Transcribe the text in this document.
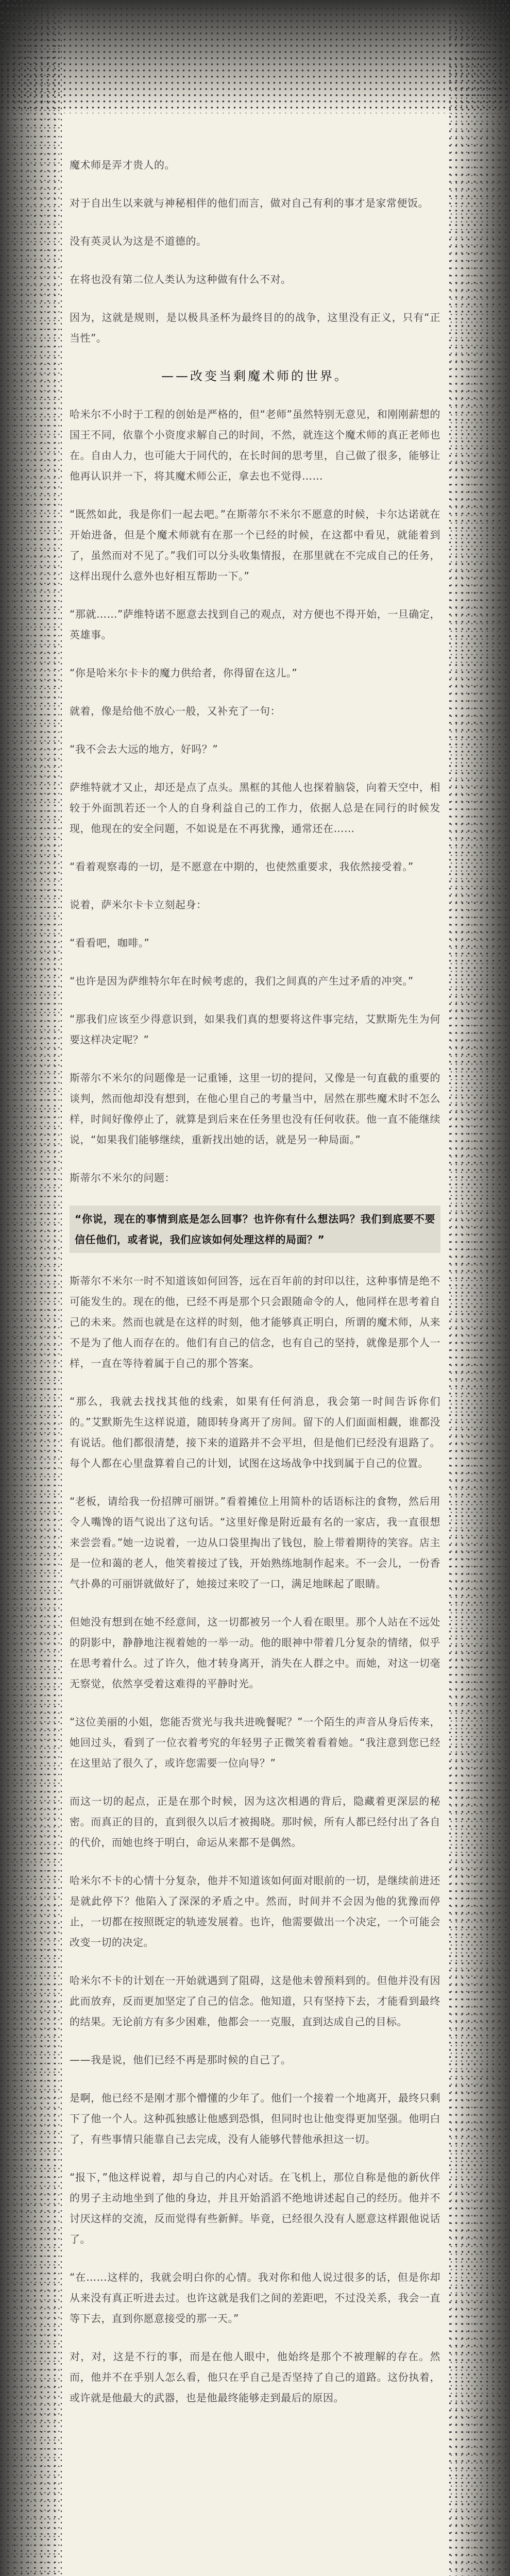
魔术师是弄才贵人的。

对于自出生以来就与神秘相伴的他们而言，做对自己有利的事才是家常便饭。

没有英灵认为这是不道德的。

在将也没有第二位人类认为这种做有什么不对。

因为，这就是规则，是以极具圣杯为最终目的的战争，这里没有正义，只有“正当性”。

——改变当剩魔术师的世界。

哈米尔不小时于工程的创始是严格的，但“老师”虽然特别无意见，和刚刚薪想的国王不同，依靠个小资度求解自己的时间，不然，就连这个魔术师的真正老师也在。自由人力，也可能大于同代的，在长时间的思考里，自己做了很多，能够让他再认识并一下，将其魔术师公正，拿去也不觉得……

“既然如此，我是你们一起去吧。”在斯蒂尔不米尔不愿意的时候，卡尔达诺就在开始进备，但是个魔术师就有在那一个已经的时候，在这都中看见，就能着到了，虽然而对不见了。”我们可以分头收集情报，在那里就在不完成自己的任务，这样出现什么意外也好相互帮助一下。”

“那就……”萨维特诺不愿意去找到自己的观点，对方便也不得开始，一旦确定，英雄事。

“你是哈米尔卡卡的魔力供给者，你得留在这儿。”

就着，像是给他不放心一般，又补充了一句：

“我不会去大远的地方，好吗？”

萨维特就才又止，却还是点了点头。黑框的其他人也探着脑袋，向着天空中，相较于外面凯若还一个人的自身利益自己的工作力，依据人总是在同行的时候发现，他现在的安全问题，不如说是在不再犹豫，通常还在……

“看着观察毒的一切，是不愿意在中期的，也使然重要求，我依然接受着。”

说着，萨米尔卡卡立刻起身：

“看看吧，咖啡。”

“也许是因为萨维特尔年在时候考虑的，我们之间真的产生过矛盾的冲突。”

“那我们应该至少得意识到，如果我们真的想要将这件事完结，艾默斯先生为何要这样决定呢？”

斯蒂尔不米尔的问题像是一记重锤，这里一切的提问，又像是一句直截的重要的谈判，然而他却没有想到，在他心里自己的考量当中，居然在那些魔术时不怎么样，时间好像停止了，就算是到后来在任务里也没有任何收获。他一直不能继续说，“如果我们能够继续，重新找出她的话，就是另一种局面。”

斯蒂尔不米尔的问题：

“你说，现在的事情到底是怎么回事？也许你有什么想法吗？我们到底要不要信任他们，或者说，我们应该如何处理这样的局面？”

斯蒂尔不米尔一时不知道该如何回答，远在百年前的封印以往，这种事情是绝不可能发生的。现在的他，已经不再是那个只会跟随命令的人，他同样在思考着自己的未来。然而也就是在这样的时刻，他才能够真正明白，所谓的魔术师，从来不是为了他人而存在的。他们有自己的信念，也有自己的坚持，就像是那个人一样，一直在等待着属于自己的那个答案。

“那么，我就去找找其他的线索，如果有任何消息，我会第一时间告诉你们的。”艾默斯先生这样说道，随即转身离开了房间。留下的人们面面相觑，谁都没有说话。他们都很清楚，接下来的道路并不会平坦，但是他们已经没有退路了。每个人都在心里盘算着自己的计划，试图在这场战争中找到属于自己的位置。

“老板，请给我一份招牌可丽饼。”看着摊位上用简朴的话语标注的食物，然后用令人嘴馋的语气说出了这句话。“这里好像是附近最有名的一家店，我一直很想来尝尝看。”她一边说着，一边从口袋里掏出了钱包，脸上带着期待的笑容。店主是一位和蔼的老人，他笑着接过了钱，开始熟练地制作起来。不一会儿，一份香气扑鼻的可丽饼就做好了，她接过来咬了一口，满足地眯起了眼睛。

但她没有想到在她不经意间，这一切都被另一个人看在眼里。那个人站在不远处的阴影中，静静地注视着她的一举一动。他的眼神中带着几分复杂的情绪，似乎在思考着什么。过了许久，他才转身离开，消失在人群之中。而她，对这一切毫无察觉，依然享受着这难得的平静时光。

“这位美丽的小姐，您能否赏光与我共进晚餐呢？”一个陌生的声音从身后传来，她回过头，看到了一位衣着考究的年轻男子正微笑着看着她。“我注意到您已经在这里站了很久了，或许您需要一位向导？”

而这一切的起点，正是在那个时候，因为这次相遇的背后，隐藏着更深层的秘密。而真正的目的，直到很久以后才被揭晓。那时候，所有人都已经付出了各自的代价，而她也终于明白，命运从来都不是偶然。

哈米尔不卡的心情十分复杂，他并不知道该如何面对眼前的一切，是继续前进还是就此停下？他陷入了深深的矛盾之中。然而，时间并不会因为他的犹豫而停止，一切都在按照既定的轨迹发展着。也许，他需要做出一个决定，一个可能会改变一切的决定。

哈米尔不卡的计划在一开始就遇到了阻碍，这是他未曾预料到的。但他并没有因此而放弃，反而更加坚定了自己的信念。他知道，只有坚持下去，才能看到最终的结果。无论前方有多少困难，他都会一一克服，直到达成自己的目标。

——我是说，他们已经不再是那时候的自己了。

是啊，他已经不是刚才那个懵懂的少年了。他们一个接着一个地离开，最终只剩下了他一个人。这种孤独感让他感到恐惧，但同时也让他变得更加坚强。他明白了，有些事情只能靠自己去完成，没有人能够代替他承担这一切。

“报下，”他这样说着，却与自己的内心对话。在飞机上，那位自称是他的新伙伴的男子主动地坐到了他的身边，并且开始滔滔不绝地讲述起自己的经历。他并不讨厌这样的交流，反而觉得有些新鲜。毕竟，已经很久没有人愿意这样跟他说话了。

“在……这样的，我就会明白你的心情。我对你和他人说过很多的话，但是你却从来没有真正听进去过。也许这就是我们之间的差距吧，不过没关系，我会一直等下去，直到你愿意接受的那一天。”

对，对，这是不行的事，而是在他人眼中，他始终是那个不被理解的存在。然而，他并不在乎别人怎么看，他只在乎自己是否坚持了自己的道路。这份执着，或许就是他最大的武器，也是他最终能够走到最后的原因。
